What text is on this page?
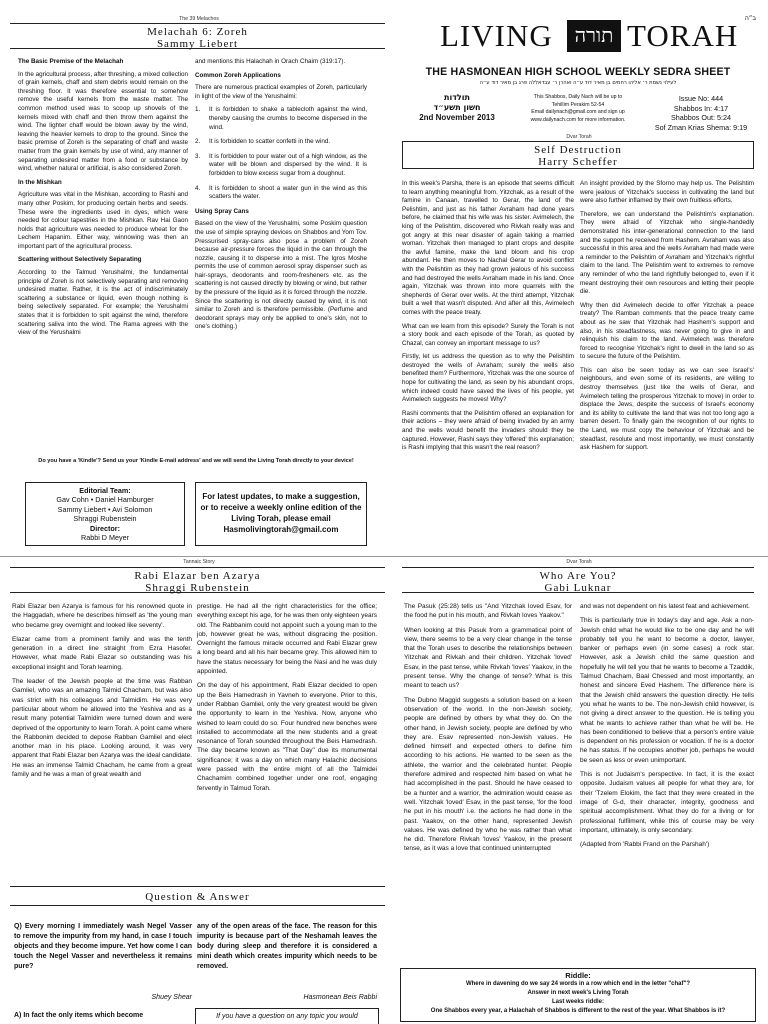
The 39 Melachos
Melachah 6: Zoreh
Sammy Liebert
The Basic Premise of the Melachah

In the agricultural process, after threshing, a mixed collection of grain kernels, chaff and stem debris would remain on the threshing floor. It was therefore essential to somehow remove the useful kernels from the waste matter. The common method used was to scoop up shovels of the kernels mixed with chaff and then throw them against the wind. The lighter chaff would be blown away by the wind, leaving the heavier kernels to drop to the ground. Since the basic premise of Zoreh is the separating of chaff and waste matter from the grain kernels by use of wind, any manner of separating undesired matter from a food or substance by wind, whether natural or artificial, is also considered Zoreh.

In the Mishkan

Agriculture was vital in the Mishkan, according to Rashi and many other Poskim, for producing certain herbs and seeds. These were the ingredients used in dyes, which were needed for colour tapestries in the Mishkan. Rav Hai Gaon holds that agriculture was needed to produce wheat for the Lechem Hapanim. Either way, winnowing was then an important part of the agricultural process.

Scattering without Selectively Separating

According to the Talmud Yerushalmi, the fundamental principle of Zoreh is not selectively separating and removing undesired matter. Rather, it is the act of indiscriminately scattering a substance or liquid, even though nothing is being selectively separated. For example; the Yerushalmi states that it is forbidden to spit against the wind, therefore scattering saliva into the wind. The Rama agrees with the view of the Yerushalmi

and mentions this Halachah in Orach Chaim (319:17).

Common Zoreh Applications

There are numerous practical examples of Zoreh, particularly in light of the view of the Yerushalmi:

1.	It is forbidden to shake a tablecloth against the wind, thereby causing the crumbs to become dispersed in the wind.
2.	It is forbidden to scatter confetti in the wind.
3.	It is forbidden to pour water out of a high window, as the water will be blown and dispersed by the wind. It is forbidden to blow excess sugar from a doughnut.
4.	It is forbidden to shoot a water gun in the wind as this scatters the water.
Using Spray Cans

Based on the view of the Yerushalmi, some Poskim question the use of simple spraying devices on Shabbos and Yom Tov. Pressurised spray-cans also pose a problem of Zoreh because air-pressure forces the liquid in the can through the nozzle, causing it to disperse into a mist. The Igros Moshe permits the use of common aerosol spray dispenser such as hair-sprays, deodorants and room-fresheners etc. as the scattering is not caused directly by blowing or wind, but rather by the pressure of the liquid as it is forced through the nozzle. Since the scattering is not directly caused by wind, it is not similar to Zoreh and is therefore permissible. (Perfume and deodorant sprays may only be applied to one's skin, not to one's clothing.)

Do you have a 'Kindle'? Send us your 'Kindle E-mail address' and we will send the Living Torah directly to your device!
Editorial Team:
Gav Cohn • Daniel Hamburger
Sammy Liebert • Avi Solomon
Shraggi Rubenstein
Director:
Rabbi D Meyer
For latest updates, to make a suggestion,
or to receive a weekly online edition of the
Living Torah, please email
Hasmolivingtorah@gmail.com
ב״ה
LIVING	תורה TORAH
THE HASMONEAN HIGH SCHOOL WEEKLY SEDRA SHEET
לעילוי נשמת ר׳ אליהו רחמים בן מאיר דוד ע״ה ואהרן ר׳ עבדאללה פרג בן מאיר דוד ע״ה
תולדות
חשון תשע״ד
2nd November 2013
This Shabbos, Daily Nach will be up to
Tehillim Perakim 52-54
Email dailynach@gmail.com and sign up
www.dailynach.com for more information.
Issue No: 444
Shabbos In: 4:17
Shabbos Out: 5:24
Sof Zman Krias Shema: 9:19
Dvar Torah
Self Destruction
Harry Scheffer

In this week's Parsha, there is an episode that seems difficult to learn anything meaningful from. Yitzchak, as a result of the famine in Canaan, travelled to Gerar, the land of the Pelishtim, and just as his father Avraham had done years before, he claimed that his wife was his sister. Avimelech, the king of the Pelishtim, discovered who Rivkah really was and got angry at this near disaster of again taking a married woman. Yitzchak then managed to plant crops and despite the awful famine, make the land bloom and his crop abundant. He then moves to Nachal Gerar to avoid conflict with the Pelishtim as they had grown jealous of his success and had destroyed the wells Avraham made in his land. Once again, Yitzchak was thrown into more quarrels with the shepherds of Gerar over wells. At the third attempt, Yitzchak built a well that wasn't disputed. And after all this, Avimelech comes with the peace treaty.

What can we learn from this episode? Surely the Torah is not a story book and each episode of the Torah, as quoted by Chazal, can convey an important message to us?

Firstly, let us address the question as to why the Pelishtim destroyed the wells of Avraham; surely the wells also benefited them? Furthermore, Yitzchak was the one source of hope for cultivating the land, as seen by his abundant crops, which indeed could have saved the lives of his people, yet Avimelech suggests he moves! Why?

Rashi comments that the Pelishtim offered an explanation for their actions – they were afraid of being invaded by an army and the wells would benefit the invaders should they be captured. However, Rashi says they 'offered' this explanation; is Rashi implying that this wasn't the real reason?

An insight provided by the Sforno may help us. The Pelishtim were jealous of Yitzchak's success in cultivating the land but were also further inflamed by their own fruitless efforts.

Therefore, we can understand the Pelishtim's explanation. They were afraid of Yitzchak who single-handedly demonstrated his inter-generational connection to the land and the support he received from Hashem. Avraham was also successful in this area and the wells Avraham had made were a reminder to the Pelishtim of Avraham and Yitzchak's rightful claim to the land. The Pelishtim went to extremes to remove any reminder of who the land rightfully belonged to, even if it meant destroying their own resources and letting their people die.

Why then did Avimelech decide to offer Yitzchak a peace treaty? The Ramban comments that the peace treaty came about as he saw that Yitzchak had Hashem's support and also, in his steadfastness, was never going to give in and relinquish his claim to the land. Avimelech was therefore forced to recognise Yitzchak's right to dwell in the land so as to secure the future of the Pelishtim.

This can also be seen today as we can see Israel's' neighbours, and even some of its residents, are willing to destroy themselves (just like the wells of Gerar, and Avimelech telling the prosperous Yitzchak to move) in order to displace the Jews, despite the success of Israel's economy and its ability to cultivate the land that was not too long ago a barren desert. To finally gain the recognition of our rights to the Land, we must copy the behaviour of Yitzchak and be steadfast, resolute and most importantly, we must constantly ask Hashem for support.

Tannaic Story
Rabi Elazar ben Azarya
Shraggi Rubenstein

Rabi Elazar ben Azarya is famous for his renowned quote in the Haggadah, where he describes himself as 'the young man who became grey overnight and looked like seventy'.

Elazar came from a prominent family and was the tenth generation in a direct line straight from Ezra Hasofer. However, what made Rabi Elazar so outstanding was his exceptional insight and Torah learning.

The leader of the Jewish people at the time was Rabban Gamliel, who was an amazing Talmid Chacham, but was also was strict with his colleagues and Talmidim. He was very particular about whom he allowed into the Yeshiva and as a result many potential Talmidim were turned down and were deprived of the opportunity to learn Torah. A point came where the Rabbonim decided to depose Rabban Gamliel and elect another man in his place. Looking around, it was very apparent that Rabi Elazar ben Azarya was the ideal candidate. He was an immense Talmid Chacham, he came from a great family and he was a man of great wealth and

prestige. He had all the right characteristics for the office; everything except his age, for he was then only eighteen years old. The Rabbanim could not appoint such a young man to the job, however great he was, without disgracing the position. Overnight the famous miracle occurred and Rabi Elazar grew a long beard and all his hair became grey. This allowed him to have the status necessary for being the Nasi and he was duly appointed.

On the day of his appointment, Rabi Elazar decided to open up the Beis Hamedrash in Yavneh to everyone. Prior to this, under Rabban Gamliel, only the very greatest would be given the opportunity to learn in the Yeshiva. Now, anyone who wished to learn could do so. Four hundred new benches were installed to accommodate all the new students and a great resonance of Torah sounded throughout the Beis Hamedrash. The day became known as "That Day" due its monumental significance; it was a day on which many Halachic decisions were passed with the entire might of all the Talmidei Chachamim combined together under one roof, engaging fervently in Talmud Torah.

Question & Answer
Q) Every morning I immediately wash Negel Vasser to remove the impurity from my hand, in case I touch objects and they become impure. Yet how come I can touch the Negel Vasser and nevertheless it remains pure?
Shuey Shear
A) In fact the only items which become
any of the open areas of the face. The reason for this impurity is because part of the Neshamah leaves the body during sleep and therefore it is considered a mini death which creates impurity which needs to be removed.
Hasmonean Beis Rabbi
If you have a question on any topic you would
Dvar Torah
Who Are You?
Gabi Luknar

The Pasuk (25:28) tells us "And Yitzchak loved Esav, for the food he put in his mouth, and Rivkah loves Yaakov."

When looking at this Pasuk from a grammatical point of view, there seems to be a very clear change in the tense that the Torah uses to describe the relationships between Yitzchak and Rivkah and their children. Yitzchak 'loved' Esav, in the past tense, while Rivkah 'loves' Yaakov, in the present tense. Why the change of tense? What is this meant to teach us?

The Dubno Maggid suggests a solution based on a keen observation of the world. In the non-Jewish society, people are defined by others by what they do. On the other hand, in Jewish society, people are defined by who they are. Esav represented non-Jewish values. He defined himself and expected others to define him according to his actions. He wanted to be seen as the athlete, the warrior and the celebrated hunter. People therefore admired and respected him based on what he had accomplished in the past. Should he have ceased to be a hunter and a warrior, the admiration would cease as well. Yitzchak 'loved' Esav, in the past tense, 'for the food he put in his mouth' i.e. the actions he had done in the past. Yaakov, on the other hand, represented Jewish values. He was defined by who he was rather than what he did. Therefore Rivkah 'loves' Yaakov, in the present tense, as it was a love that continued uninterrupted

and was not dependent on his latest feat and achievement.

This is particularly true in today's day and age. Ask a non-Jewish child what he would like to be one day and he will probably tell you he want to become a doctor, lawyer, banker or perhaps even (in some cases) a rock star. However, ask a Jewish child the same question and hopefully he will tell you that he wants to become a Tzaddik, Talmud Chacham, Baal Chessed and most importantly, an honest and sincere Eved Hashem. The difference here is that the Jewish child answers the question directly. He tells you what he wants to be. The non-Jewish child however, is not giving a direct answer to the question. He is telling you what he wants to achieve rather than what he will be. He has been conditioned to believe that a person's entire value is dependent on his profession or vocation. If he is a doctor he has status. If he occupies another job, perhaps he would be seen as less or even unimportant.

This is not Judaism's perspective. In fact, it is the exact opposite. Judaism values all people for what they are, for their 'Tzelem Elokim, the fact that they were created in the image of G-d, their character, integrity, goodness and spiritual accomplishment. What they do for a living or for professional fulfilment, while this of course may be very important, ultimately, is only secondary.

(Adapted from 'Rabbi Frand on the Parshah')

Riddle:
Where in davening do we say 24 words in a row which end in the letter "chaf"?
Answer in next week's Living Torah
Last weeks riddle:
One Shabbos every year, a Halachah of Shabbos is different to the rest of the year. What Shabbos is it?
